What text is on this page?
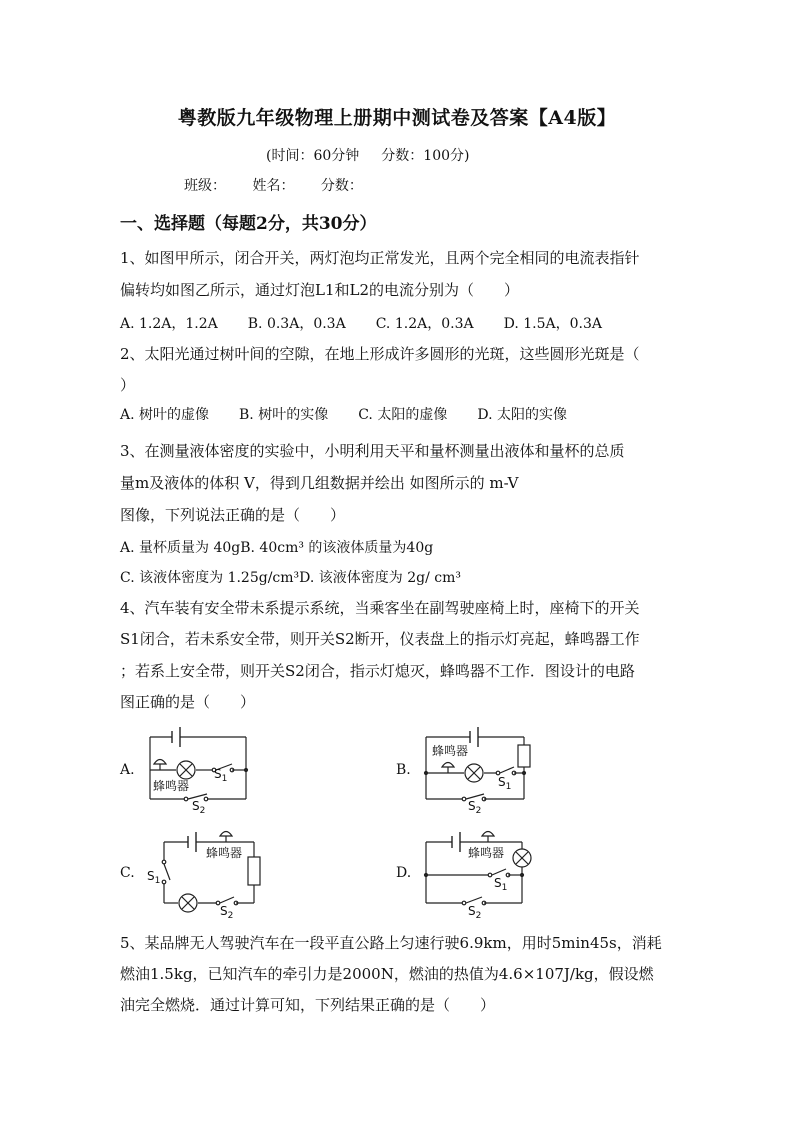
粤教版九年级物理上册期中测试卷及答案【A4版】
(时间：60分钟 分数：100分)
班级： 姓名： 分数：
一、选择题（每题2分，共30分）
1、如图甲所示，闭合开关，两灯泡均正常发光，且两个完全相同的电流表指针
偏转均如图乙所示，通过灯泡L1和L2的电流分别为（　　）
A. 1.2A，1.2A B. 0.3A，0.3A C. 1.2A，0.3A D. 1.5A，0.3A
2、太阳光通过树叶间的空隙，在地上形成许多圆形的光斑，这些圆形光斑是（
）
A. 树叶的虚像 B. 树叶的实像 C. 太阳的虚像 D. 太阳的实像
3、在测量液体密度的实验中，小明利用天平和量杯测量出液体和量杯的总质
量m及液体的体积 V，得到几组数据并绘出 如图所示的 m-V
图像，下列说法正确的是（　　）
A. 量杯质量为 40gB. 40cm³ 的该液体质量为40g
C. 该液体密度为 1.25g/cm³D. 该液体密度为 2g/ cm³
4、汽车装有安全带未系提示系统，当乘客坐在副驾驶座椅上时，座椅下的开关
S1闭合，若未系安全带，则开关S2断开，仪表盘上的指示灯亮起，蜂鸣器工作
；若系上安全带，则开关S2闭合，指示灯熄灭，蜂鸣器不工作．图设计的电路
图正确的是（　　）
A.	B.
C.	D.
蜂鸣器
$S_1$
$S_2$
蜂鸣器
$S_1$
$S_2$
蜂鸣器
$S_1$
$S_2$
蜂鸣器
$S_1$
$S_2$
5、某品牌无人驾驶汽车在一段平直公路上匀速行驶6.9km，用时5min45s，消耗
燃油1.5kg，已知汽车的牵引力是2000N，燃油的热值为4.6×107J/kg，假设燃
油完全燃烧．通过计算可知，下列结果正确的是（　　）
